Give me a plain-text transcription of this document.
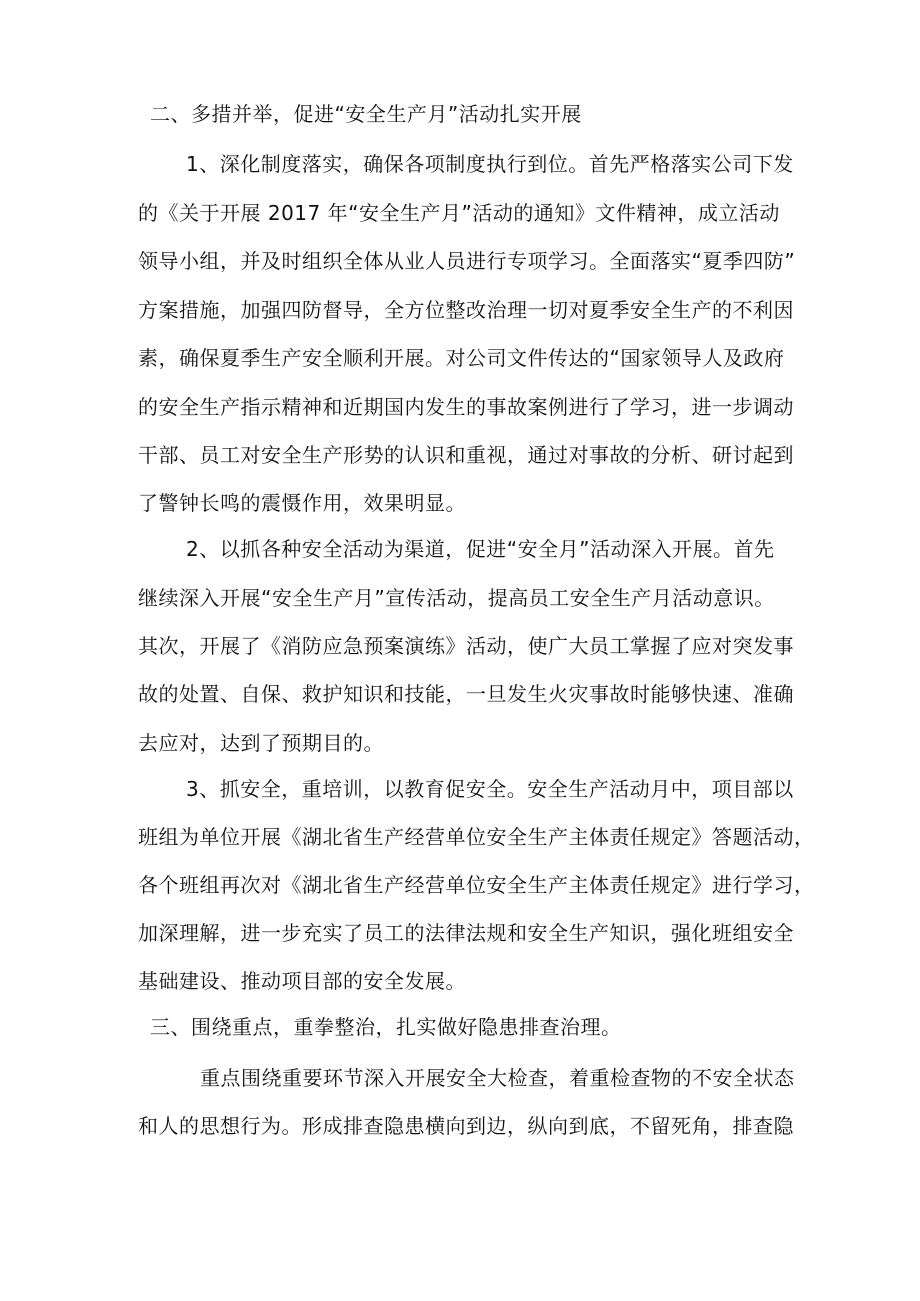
二、多措并举，促进“安全生产月”活动扎实开展
1、深化制度落实，确保各项制度执行到位。首先严格落实公司下发
的《关于开展 2017 年“安全生产月”活动的通知》文件精神，成立活动
领导小组，并及时组织全体从业人员进行专项学习。全面落实“夏季四防”
方案措施，加强四防督导，全方位整改治理一切对夏季安全生产的不利因
素，确保夏季生产安全顺利开展。对公司文件传达的“国家领导人及政府
的安全生产指示精神和近期国内发生的事故案例进行了学习，进一步调动
干部、员工对安全生产形势的认识和重视，通过对事故的分析、研讨起到
了警钟长鸣的震慑作用，效果明显。
2、以抓各种安全活动为渠道，促进“安全月”活动深入开展。首先
继续深入开展“安全生产月”宣传活动，提高员工安全生产月活动意识。
其次，开展了《消防应急预案演练》活动，使广大员工掌握了应对突发事
故的处置、自保、救护知识和技能，一旦发生火灾事故时能够快速、准确
去应对，达到了预期目的。
3、抓安全，重培训，以教育促安全。安全生产活动月中，项目部以
班组为单位开展《湖北省生产经营单位安全生产主体责任规定》答题活动，
各个班组再次对《湖北省生产经营单位安全生产主体责任规定》进行学习，
加深理解，进一步充实了员工的法律法规和安全生产知识，强化班组安全
基础建设、推动项目部的安全发展。
三、围绕重点，重拳整治，扎实做好隐患排查治理。
重点围绕重要环节深入开展安全大检查，着重检查物的不安全状态
和人的思想行为。形成排查隐患横向到边，纵向到底，不留死角，排查隐
